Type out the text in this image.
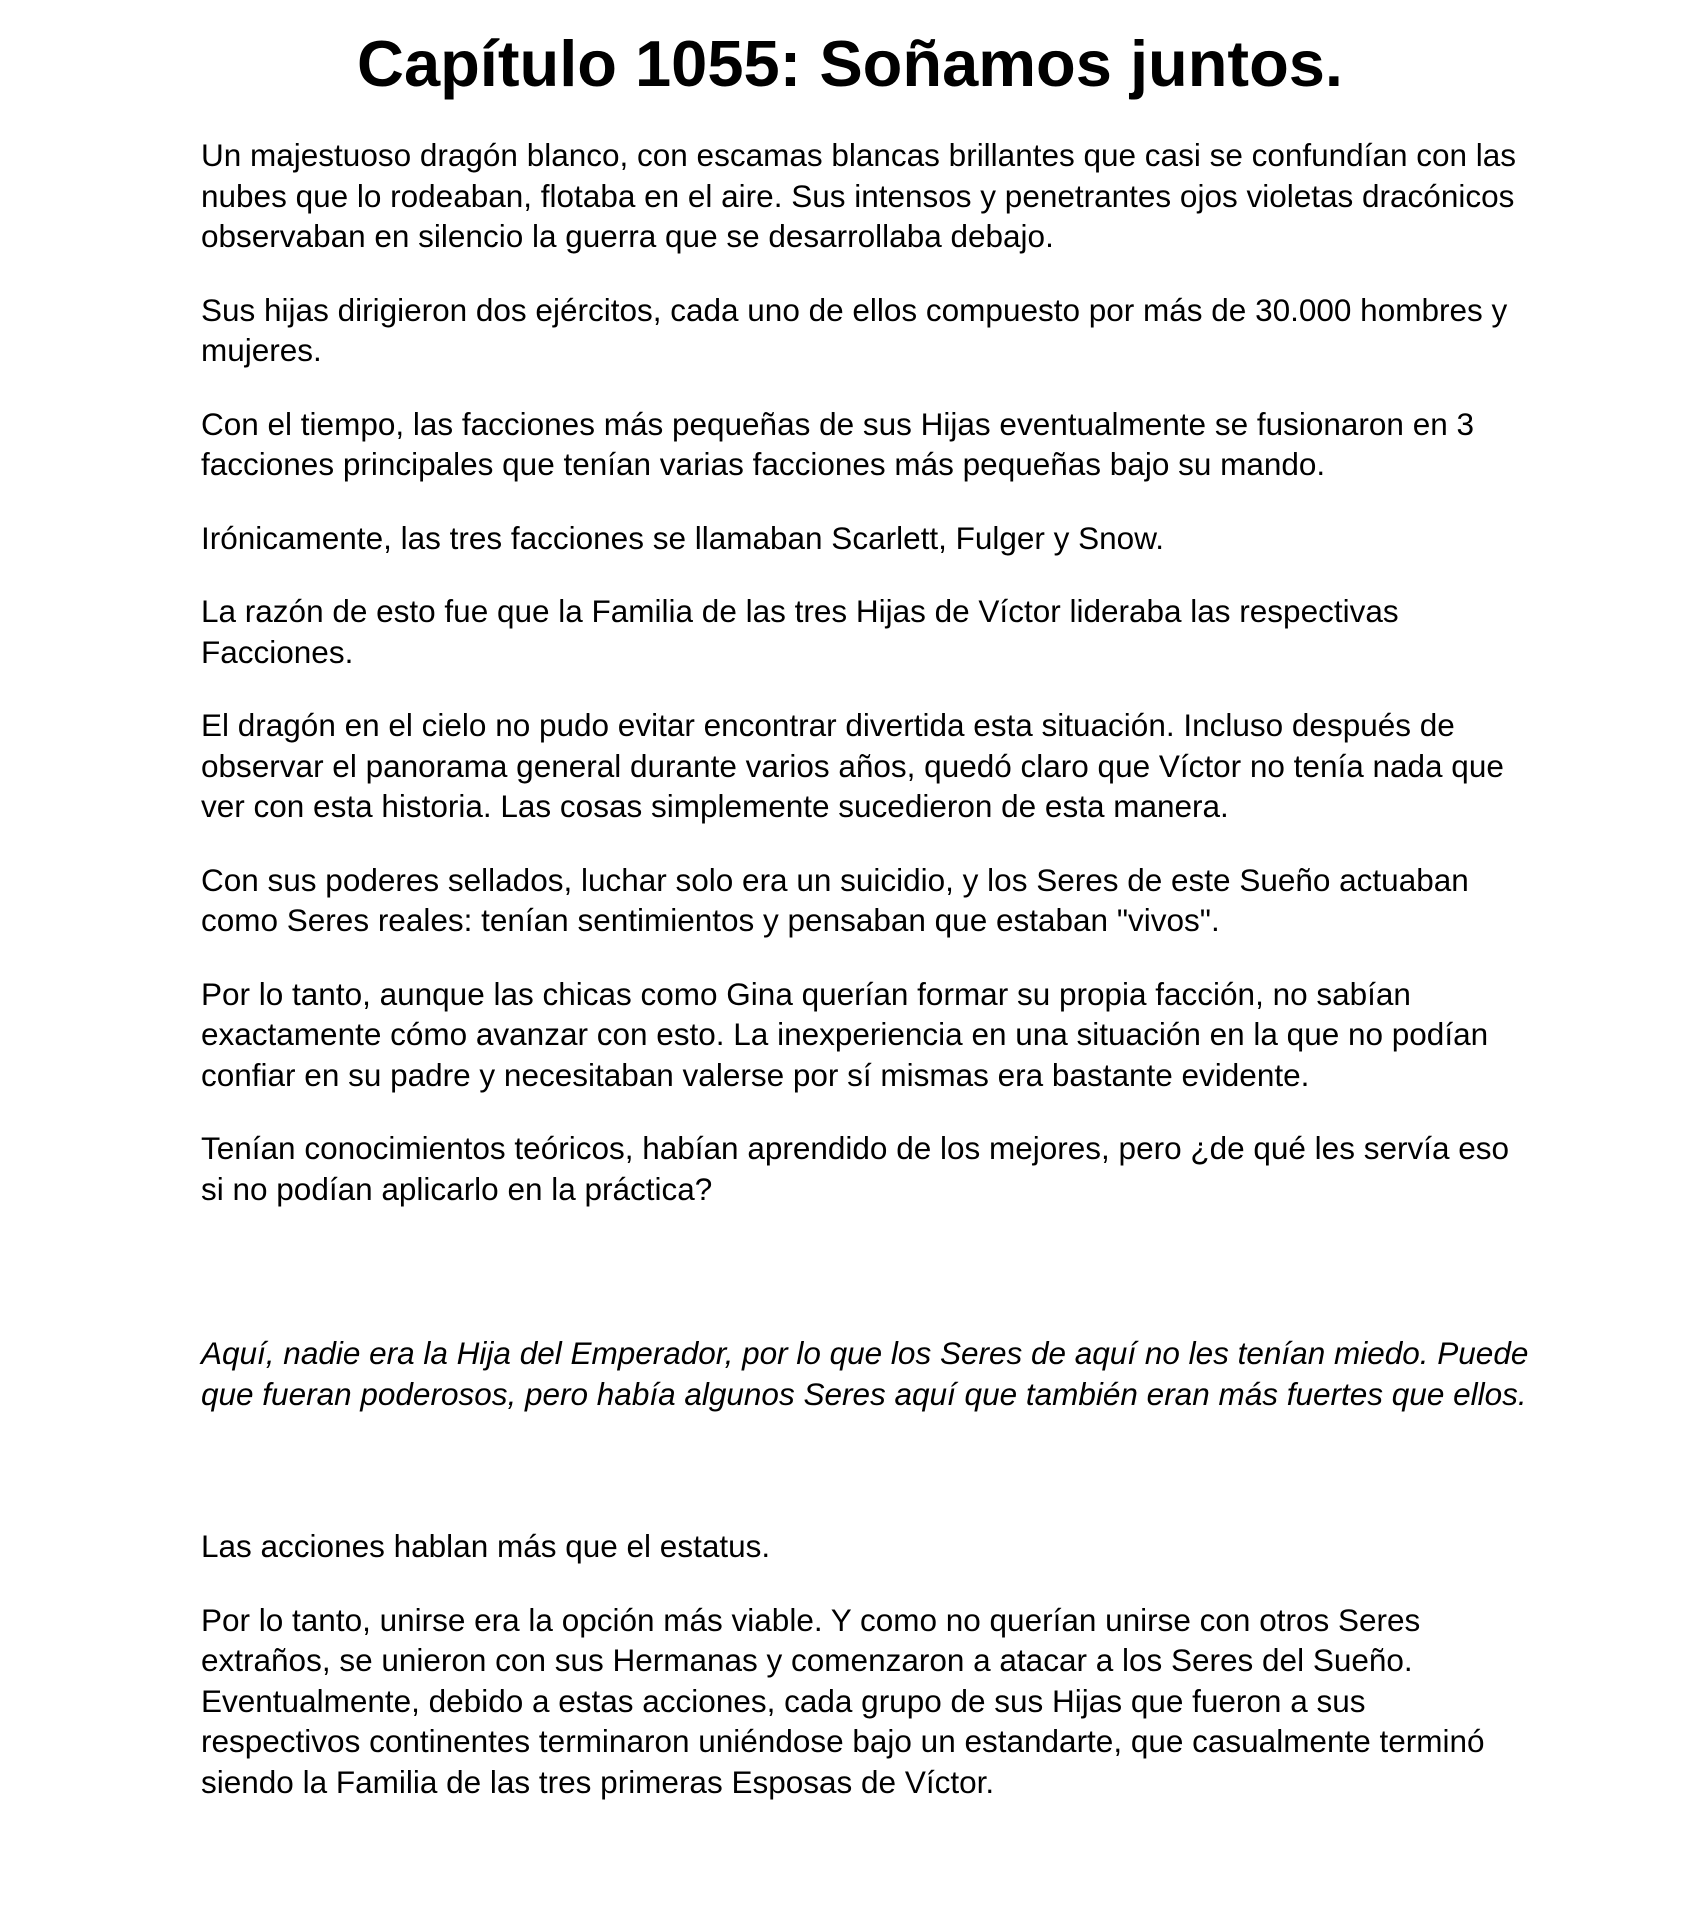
Capítulo 1055: Soñamos juntos.

Un majestuoso dragón blanco, con escamas blancas brillantes que casi se confundían con las nubes que lo rodeaban, flotaba en el aire. Sus intensos y penetrantes ojos violetas dracónicos observaban en silencio la guerra que se desarrollaba debajo.

Sus hijas dirigieron dos ejércitos, cada uno de ellos compuesto por más de 30.000 hombres y mujeres.

Con el tiempo, las facciones más pequeñas de sus Hijas eventualmente se fusionaron en 3 facciones principales que tenían varias facciones más pequeñas bajo su mando.

Irónicamente, las tres facciones se llamaban Scarlett, Fulger y Snow.

La razón de esto fue que la Familia de las tres Hijas de Víctor lideraba las respectivas Facciones.

El dragón en el cielo no pudo evitar encontrar divertida esta situación. Incluso después de observar el panorama general durante varios años, quedó claro que Víctor no tenía nada que ver con esta historia. Las cosas simplemente sucedieron de esta manera.

Con sus poderes sellados, luchar solo era un suicidio, y los Seres de este Sueño actuaban como Seres reales: tenían sentimientos y pensaban que estaban "vivos".

Por lo tanto, aunque las chicas como Gina querían formar su propia facción, no sabían exactamente cómo avanzar con esto. La inexperiencia en una situación en la que no podían confiar en su padre y necesitaban valerse por sí mismas era bastante evidente.

Tenían conocimientos teóricos, habían aprendido de los mejores, pero ¿de qué les servía eso si no podían aplicarlo en la práctica?

Aquí, nadie era la Hija del Emperador, por lo que los Seres de aquí no les tenían miedo. Puede que fueran poderosos, pero había algunos Seres aquí que también eran más fuertes que ellos.

Las acciones hablan más que el estatus.

Por lo tanto, unirse era la opción más viable. Y como no querían unirse con otros Seres extraños, se unieron con sus Hermanas y comenzaron a atacar a los Seres del Sueño. Eventualmente, debido a estas acciones, cada grupo de sus Hijas que fueron a sus respectivos continentes terminaron uniéndose bajo un estandarte, que casualmente terminó siendo la Familia de las tres primeras Esposas de Víctor.
